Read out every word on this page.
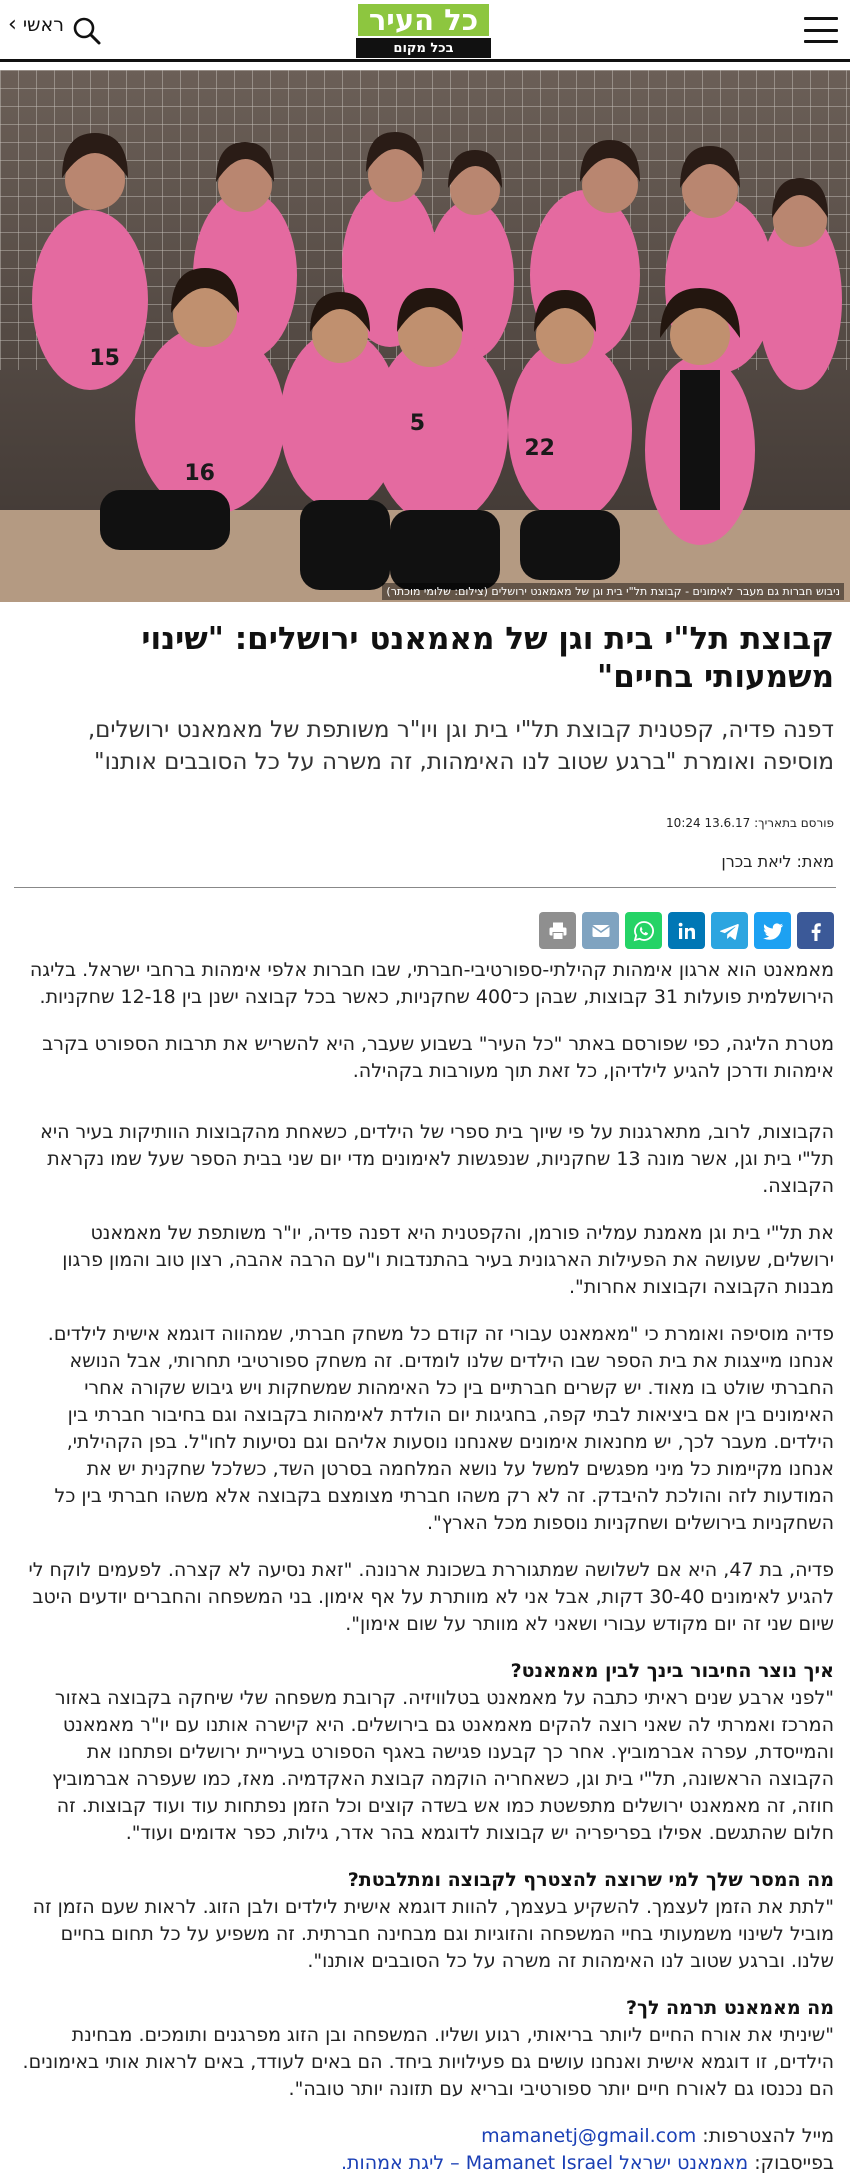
‹ ראשי	כל העיר
בכל מקום
15
16
5
22
ניבוש חברות גם מעבר לאימונים - קבוצת תל"י בית וגן של מאמאנט ירושלים (צילום: שלומי מוכתר)
קבוצת תל"י בית וגן של מאמאנט ירושלים: "שינוי משמעותי בחיים"

דפנה פדיה, קפטנית קבוצת תל"י בית וגן ויו"ר משותפת של מאמאנט ירושלים, מוסיפה ואומרת "ברגע שטוב לנו האימהות, זה משרה על כל הסובבים אותנו"

פורסם בתאריך: 13.6.17 10:24

מאת: ליאת בכרן

מאמאנט הוא ארגון אימהות קהילתי-ספורטיבי-חברתי, שבו חברות אלפי אימהות ברחבי ישראל. בליגה הירושלמית פועלות 31 קבוצות, שבהן כ־400 שחקניות, כאשר בכל קבוצה ישנן בין 12-18 שחקניות.

מטרת הליגה, כפי שפורסם באתר "כל העיר" בשבוע שעבר, היא להשריש את תרבות הספורט בקרב אימהות ודרכן להגיע לילדיהן, כל זאת תוך מעורבות בקהילה.

הקבוצות, לרוב, מתארגנות על פי שיוך בית ספרי של הילדים, כשאחת מהקבוצות הוותיקות בעיר היא תל"י בית וגן, אשר מונה 13 שחקניות, שנפגשות לאימונים מדי יום שני בבית הספר שעל שמו נקראת הקבוצה.

את תל"י בית וגן מאמנת עמליה פורמן, והקפטנית היא דפנה פדיה, יו"ר משותפת של מאמאנט ירושלים, שעושה את הפעילות הארגונית בעיר בהתנדבות ו"עם הרבה אהבה, רצון טוב והמון פרגון מבנות הקבוצה וקבוצות אחרות".

פדיה מוסיפה ואומרת כי "מאמאנט עבורי זה קודם כל משחק חברתי, שמהווה דוגמא אישית לילדים. אנחנו מייצגות את בית הספר שבו הילדים שלנו לומדים. זה משחק ספורטיבי תחרותי, אבל הנושא החברתי שולט בו מאוד. יש קשרים חברתיים בין כל האימהות שמשחקות ויש גיבוש שקורה אחרי האימונים בין אם ביציאות לבתי קפה, בחגיגות יום הולדת לאימהות בקבוצה וגם בחיבור חברתי בין הילדים. מעבר לכך, יש מחנאות אימונים שאנחנו נוסעות אליהם וגם נסיעות לחו"ל. בפן הקהילתי, אנחנו מקיימות כל מיני מפגשים למשל על נושא המלחמה בסרטן השד, כשלכל שחקנית יש את המודעות לזה והולכת להיבדק. זה לא רק משהו חברתי מצומצם בקבוצה אלא משהו חברתי בין כל השחקניות בירושלים ושחקניות נוספות מכל הארץ".

פדיה, בת 47, היא אם לשלושה שמתגוררת בשכונת ארנונה. "זאת נסיעה לא קצרה. לפעמים לוקח לי להגיע לאימונים 30-40 דקות, אבל אני לא מוותרת על אף אימון. בני המשפחה והחברים יודעים היטב שיום שני זה יום מקודש עבורי ושאני לא מוותר על שום אימון".

איך נוצר החיבור בינך לבין מאמאנט?

"לפני ארבע שנים ראיתי כתבה על מאמאנט בטלוויזיה. קרובת משפחה שלי שיחקה בקבוצה באזור המרכז ואמרתי לה שאני רוצה להקים מאמאנט גם בירושלים. היא קישרה אותנו עם יו"ר מאמאנט והמייסדת, עפרה אברמוביץ. אחר כך קבענו פגישה באגף הספורט בעיריית ירושלים ופתחנו את הקבוצה הראשונה, תל"י בית וגן, כשאחריה הוקמה קבוצת האקדמיה. מאז, כמו שעפרה אברמוביץ חוזה, זה מאמאנט ירושלים מתפשטת כמו אש בשדה קוצים וכל הזמן נפתחות עוד ועוד קבוצות. זה חלום שהתגשם. אפילו בפריפריה יש קבוצות לדוגמא בהר אדר, גילות, כפר אדומים ועוד".

מה המסר שלך למי שרוצה להצטרף לקבוצה ומתלבטת?

"לתת את הזמן לעצמך. להשקיע בעצמך, להוות דוגמא אישית לילדים ולבן הזוג. לראות שעם הזמן זה מוביל לשינוי משמעותי בחיי המשפחה והזוגיות וגם מבחינה חברתית. זה משפיע על כל תחום בחיים שלנו. וברגע שטוב לנו האימהות זה משרה על כל הסובבים אותנו".

מה מאמאנט תרמה לך?

"שיניתי את אורח החיים ליותר בריאותי, רגוע ושליו. המשפחה ובן הזוג מפרגנים ותומכים. מבחינת הילדים, זו דוגמא אישית ואנחנו עושים גם פעילויות ביחד. הם באים לעודד, באים לראות אותי באימונים. הם נכנסו גם לאורח חיים יותר ספורטיבי ובריא עם תזונה יותר טובה".

מייל להצטרפות: mamanetj@gmail.com
בפייסבוק: מאמאנט ישראל Mamanet Israel – ליגת אמהות.
